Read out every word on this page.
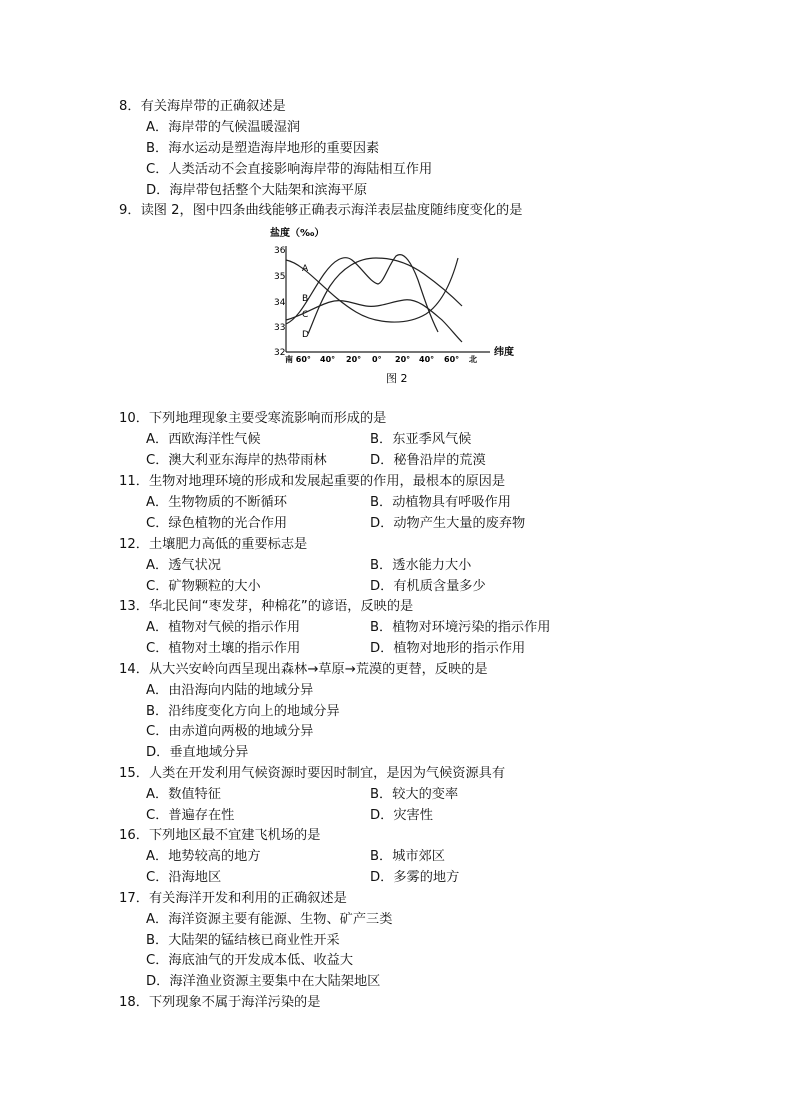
8．有关海岸带的正确叙述是
A．海岸带的气候温暖湿润
B．海水运动是塑造海岸地形的重要因素
C．人类活动不会直接影响海岸带的海陆相互作用
D．海岸带包括整个大陆架和滨海平原
9．读图 2，图中四条曲线能够正确表示海洋表层盐度随纬度变化的是
盐度（‰）
36
35
34
33
32
南 60° 40° 20° 0° 20° 40° 60° 北
纬度
A
B
C
D
图 2
10．下列地理现象主要受寒流影响而形成的是
A．西欧海洋性气候	B．东亚季风气候
C．澳大利亚东海岸的热带雨林	D．秘鲁沿岸的荒漠
11．生物对地理环境的形成和发展起重要的作用，最根本的原因是
A．生物物质的不断循环	B．动植物具有呼吸作用
C．绿色植物的光合作用	D．动物产生大量的废弃物
12．土壤肥力高低的重要标志是
A．透气状况	B．透水能力大小
C．矿物颗粒的大小	D．有机质含量多少
13．华北民间“枣发芽，种棉花”的谚语，反映的是
A．植物对气候的指示作用	B．植物对环境污染的指示作用
C．植物对土壤的指示作用	D．植物对地形的指示作用
14．从大兴安岭向西呈现出森林→草原→荒漠的更替，反映的是
A．由沿海向内陆的地域分异
B．沿纬度变化方向上的地域分异
C．由赤道向两极的地域分异
D．垂直地域分异
15．人类在开发利用气候资源时要因时制宜，是因为气候资源具有
A．数值特征	B．较大的变率
C．普遍存在性	D．灾害性
16．下列地区最不宜建飞机场的是
A．地势较高的地方	B．城市郊区
C．沿海地区	D．多雾的地方
17．有关海洋开发和利用的正确叙述是
A．海洋资源主要有能源、生物、矿产三类
B．大陆架的锰结核已商业性开采
C．海底油气的开发成本低、收益大
D．海洋渔业资源主要集中在大陆架地区
18．下列现象不属于海洋污染的是
